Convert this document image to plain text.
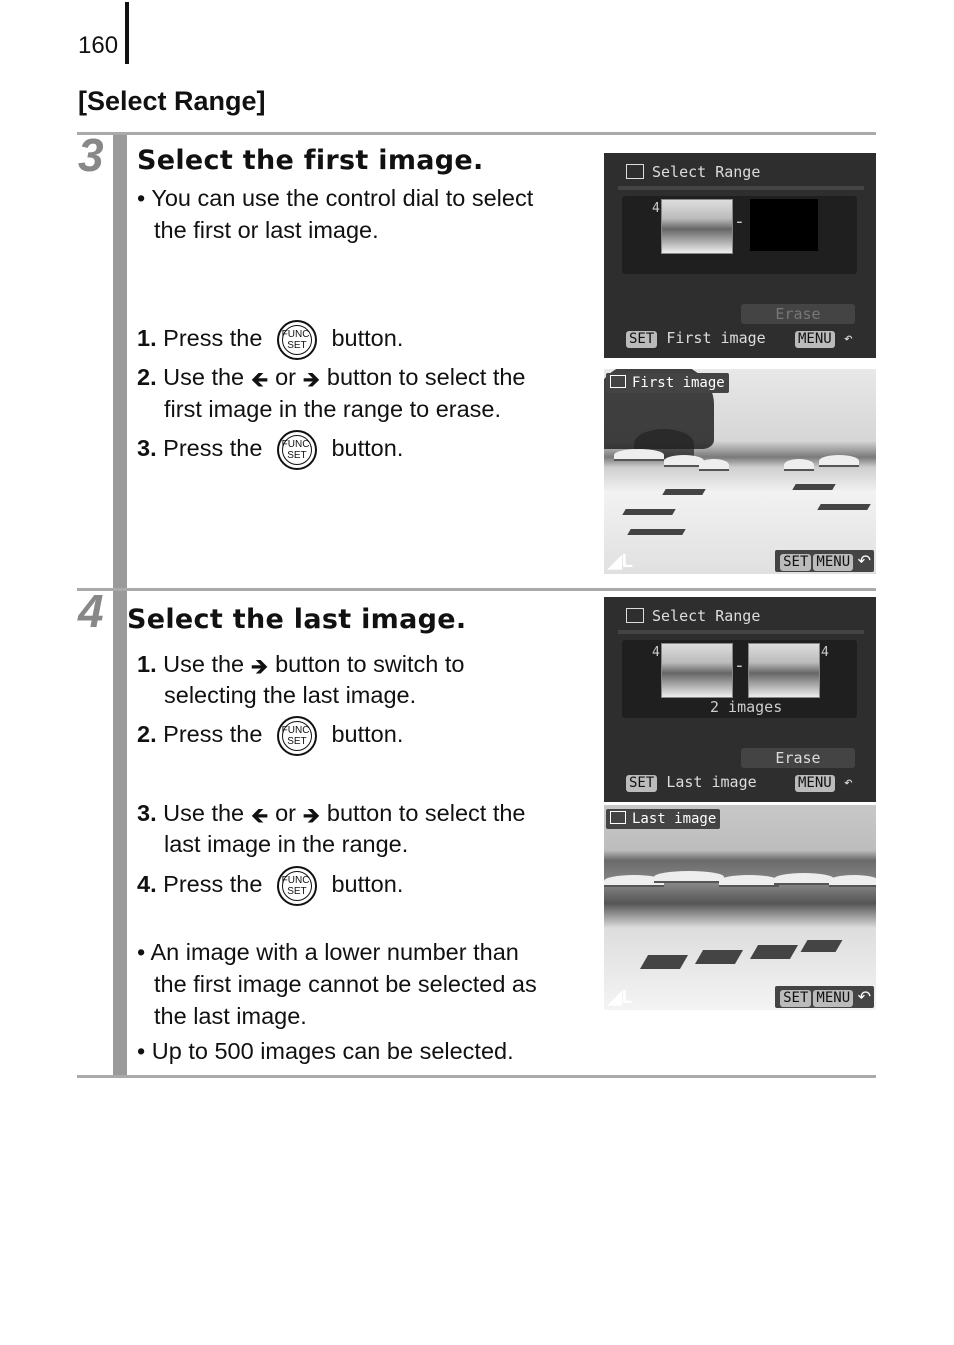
160
[Select Range]
3 Select the first image.
• You can use the control dial to select
the first or last image.
1. Press the FUNC.
SET	button.
2. Use the 🡸 or 🡺 button to select the
first image in the range to erase.
3. Press the FUNC.
SET	button.
Select Range
4
-
Erase
SET First image MENU ↶
First image
◢L	SET MENU ↶
4 Select the last image.
1. Use the 🡺 button to switch to
selecting the last image.
2. Press the FUNC.
SET	button.
3. Use the 🡸 or 🡺 button to select the
last image in the range.
4. Press the FUNC.
SET	button.
• An image with a lower number than
the first image cannot be selected as
the last image.
• Up to 500 images can be selected.
Select Range
4
-
4
2 images
Erase
SET Last image	MENU ↶
Last image
◢L	SET MENU ↶
